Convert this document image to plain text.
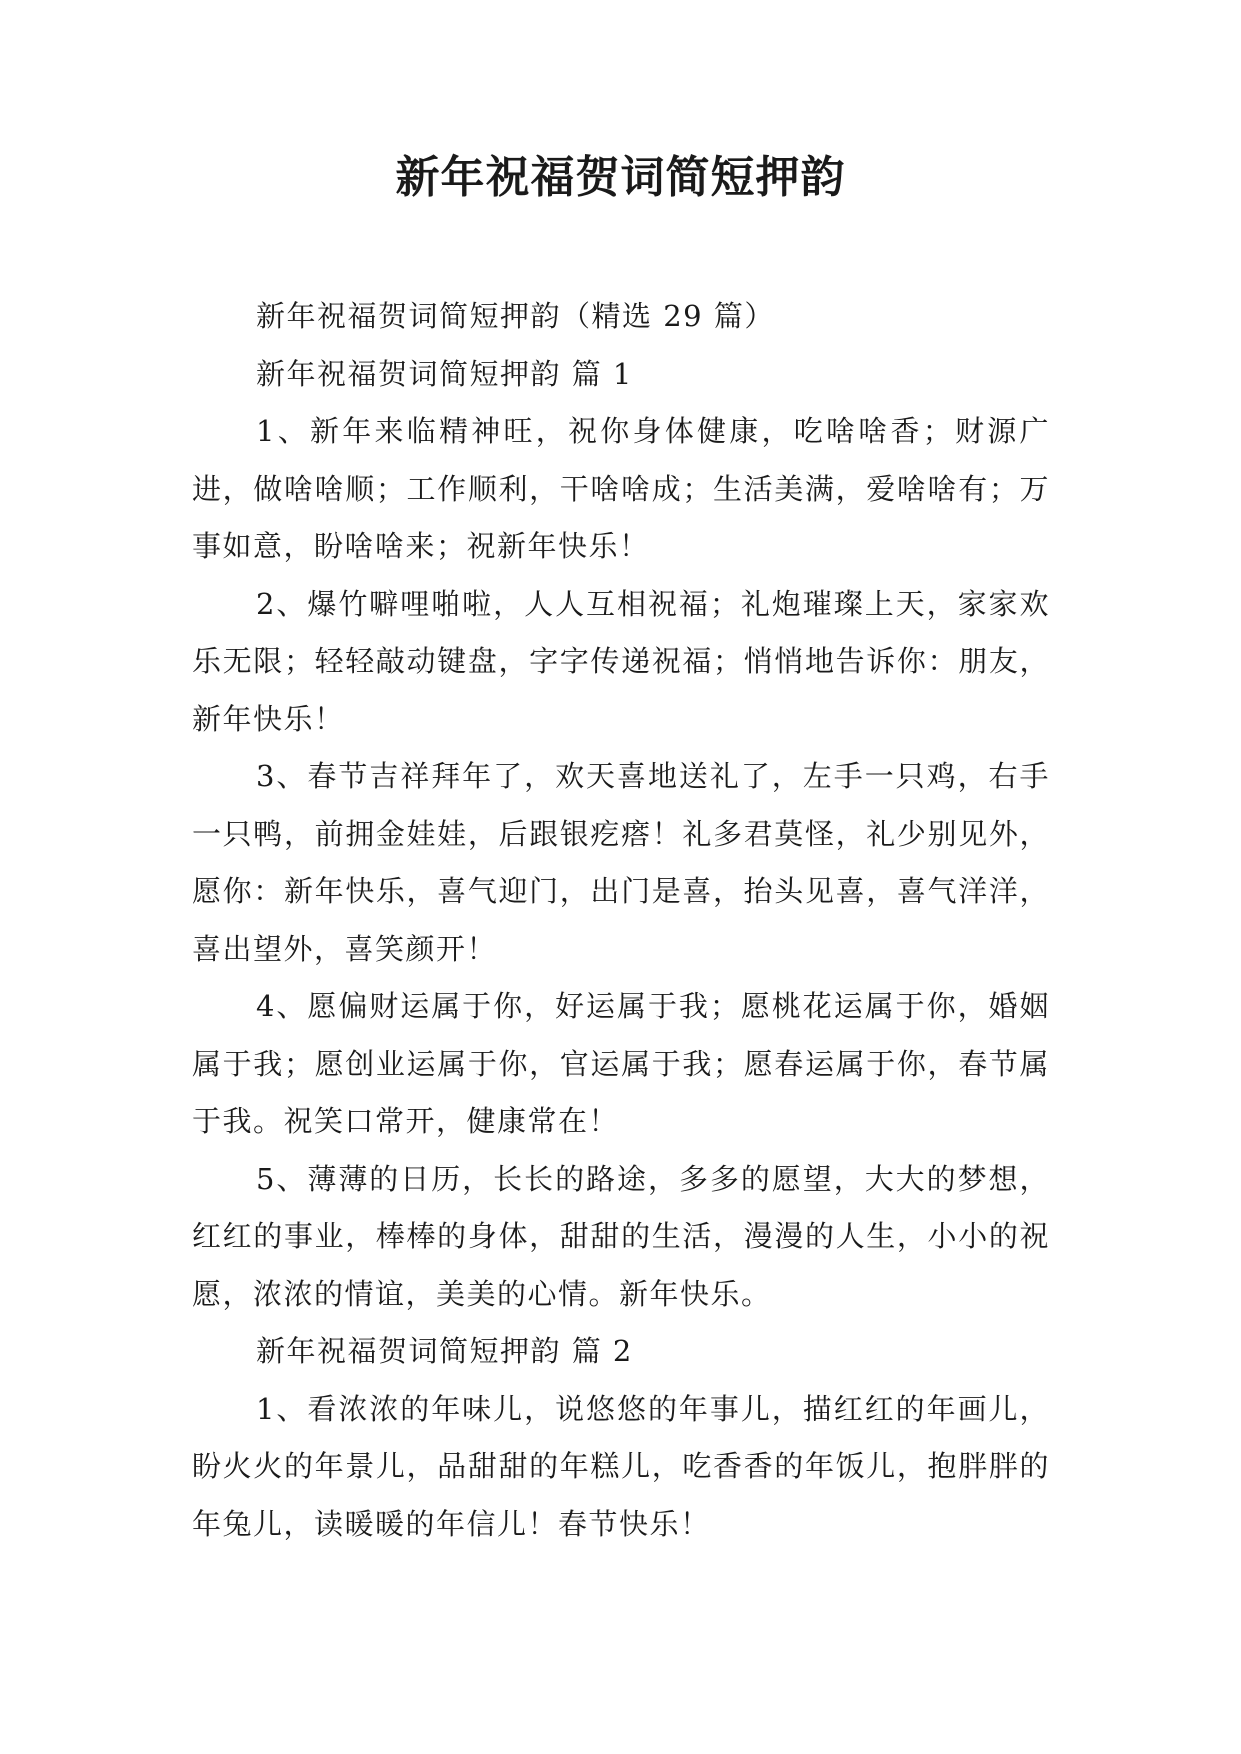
新年祝福贺词简短押韵

新年祝福贺词简短押韵（精选 29 篇）

新年祝福贺词简短押韵 篇 1

1、新年来临精神旺，祝你身体健康，吃啥啥香；财源广进，做啥啥顺；工作顺利，干啥啥成；生活美满，爱啥啥有；万事如意，盼啥啥来；祝新年快乐！

2、爆竹噼哩啪啦，人人互相祝福；礼炮璀璨上天，家家欢乐无限；轻轻敲动键盘，字字传递祝福；悄悄地告诉你：朋友，新年快乐！

3、春节吉祥拜年了，欢天喜地送礼了，左手一只鸡，右手一只鸭，前拥金娃娃，后跟银疙瘩！礼多君莫怪，礼少别见外，愿你：新年快乐，喜气迎门，出门是喜，抬头见喜，喜气洋洋，喜出望外，喜笑颜开！

4、愿偏财运属于你，好运属于我；愿桃花运属于你，婚姻属于我；愿创业运属于你，官运属于我；愿春运属于你，春节属于我。祝笑口常开，健康常在！

5、薄薄的日历，长长的路途，多多的愿望，大大的梦想，红红的事业，棒棒的身体，甜甜的生活，漫漫的人生，小小的祝愿，浓浓的情谊，美美的心情。新年快乐。

新年祝福贺词简短押韵 篇 2

1、看浓浓的年味儿，说悠悠的年事儿，描红红的年画儿，盼火火的年景儿，品甜甜的年糕儿，吃香香的年饭儿，抱胖胖的年兔儿，读暖暖的年信儿！春节快乐！
